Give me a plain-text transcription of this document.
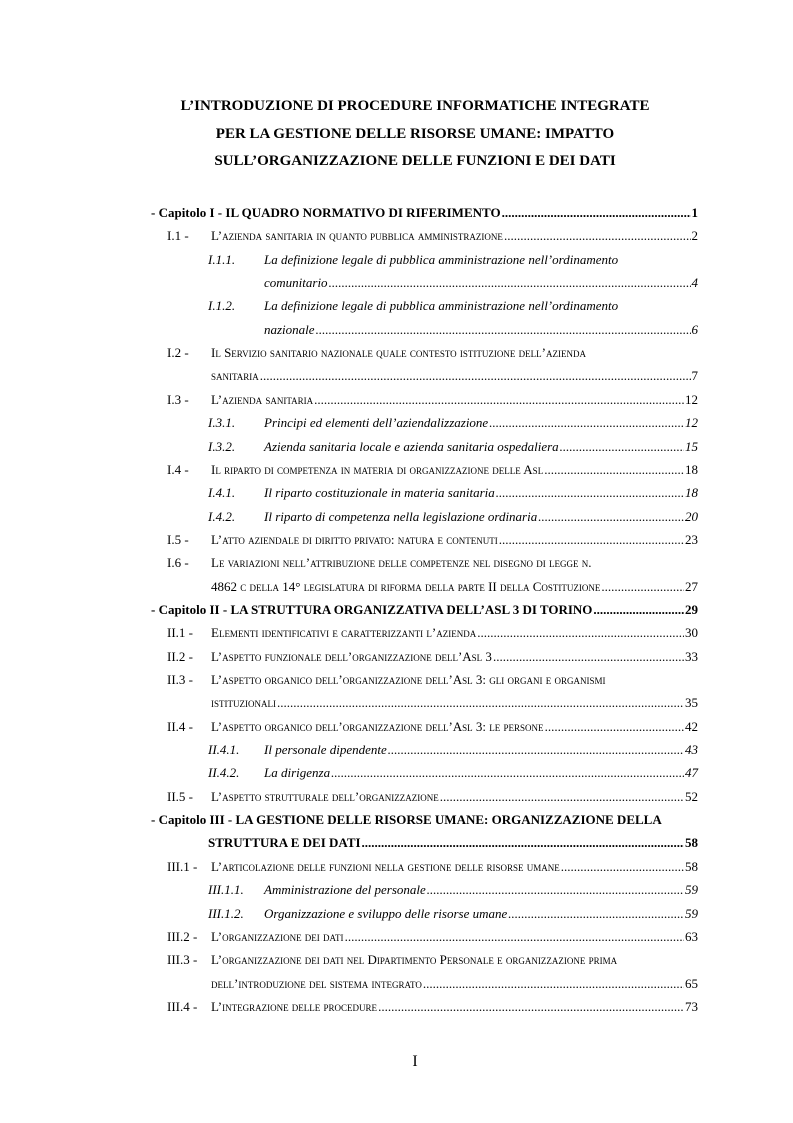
L’INTRODUZIONE DI PROCEDURE INFORMATICHE INTEGRATE
PER LA GESTIONE DELLE RISORSE UMANE: IMPATTO
SULL’ORGANIZZAZIONE DELLE FUNZIONI E DEI DATI
- Capitolo I - IL QUADRO NORMATIVO DI RIFERIMENTO .....	1
I.1 - L’azienda sanitaria in quanto pubblica amministrazione .....	2
I.1.1. La definizione legale di pubblica amministrazione nell’ordinamento
comunitario .....	4
I.1.2. La definizione legale di pubblica amministrazione nell’ordinamento
nazionale .....	6
I.2 - Il Servizio sanitario nazionale quale contesto istituzione dell’azienda
sanitaria .....	7
I.3 - L’azienda sanitaria .....	12
I.3.1. Principi ed elementi dell’aziendalizzazione .....	12
I.3.2. Azienda sanitaria locale e azienda sanitaria ospedaliera .....	15
I.4 - Il riparto di competenza in materia di organizzazione delle Asl .....	18
I.4.1. Il riparto costituzionale in materia sanitaria .....	18
I.4.2. Il riparto di competenza nella legislazione ordinaria .....	20
I.5 - L’atto aziendale di diritto privato: natura e contenuti .....	23
I.6 - Le variazioni nell’attribuzione delle competenze nel disegno di legge n.
4862 c della 14° legislatura di riforma della parte II della Costituzione .....	27
- Capitolo II - LA STRUTTURA ORGANIZZATIVA DELL’ASL 3 DI TORINO .....	29
II.1 - Elementi identificativi e caratterizzanti l’azienda .....	30
II.2 - L’aspetto funzionale dell’organizzazione dell’Asl 3 .....	33
II.3 - L’aspetto organico dell’organizzazione dell’Asl 3: gli organi e organismi
istituzionali .....	35
II.4 - L’aspetto organico dell’organizzazione dell’Asl 3: le persone .....	42
II.4.1. Il personale dipendente .....	43
II.4.2. La dirigenza .....	47
II.5 - L’aspetto strutturale dell’organizzazione .....	52
- Capitolo III - LA GESTIONE DELLE RISORSE UMANE: ORGANIZZAZIONE DELLA
STRUTTURA E DEI DATI .....	58
III.1 - L’articolazione delle funzioni nella gestione delle risorse umane .....	58
III.1.1. Amministrazione del personale .....	59
III.1.2. Organizzazione e sviluppo delle risorse umane .....	59
III.2 - L’organizzazione dei dati .....	63
III.3 - L’organizzazione dei dati nel Dipartimento Personale e organizzazione prima
dell’introduzione del sistema integrato .....	65
III.4 - L’integrazione delle procedure .....	73
I
